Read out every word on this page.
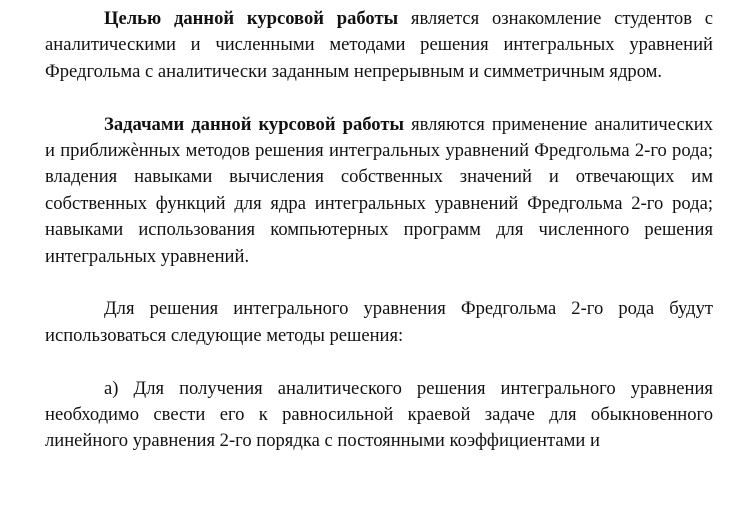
Целью данной курсовой работы является ознакомление студентов с аналитическими и численными методами решения интегральных уравнений Фредгольма с аналитически заданным непрерывным и симметричным ядром.

Задачами данной курсовой работы являются применение аналитических и приближѐнных методов решения интегральных уравнений Фредгольма 2-го рода; владения навыками вычисления собственных значений и отвечающих им собственных функций для ядра интегральных уравнений Фредгольма 2-го рода; навыками использования компьютерных программ для численного решения интегральных уравнений.

Для решения интегрального уравнения Фредгольма 2-го рода будут использоваться следующие методы решения:

а) Для получения аналитического решения интегрального уравнения необходимо свести его к равносильной краевой задаче для обыкновенного линейного уравнения 2-го порядка с постоянными коэффициентами и
